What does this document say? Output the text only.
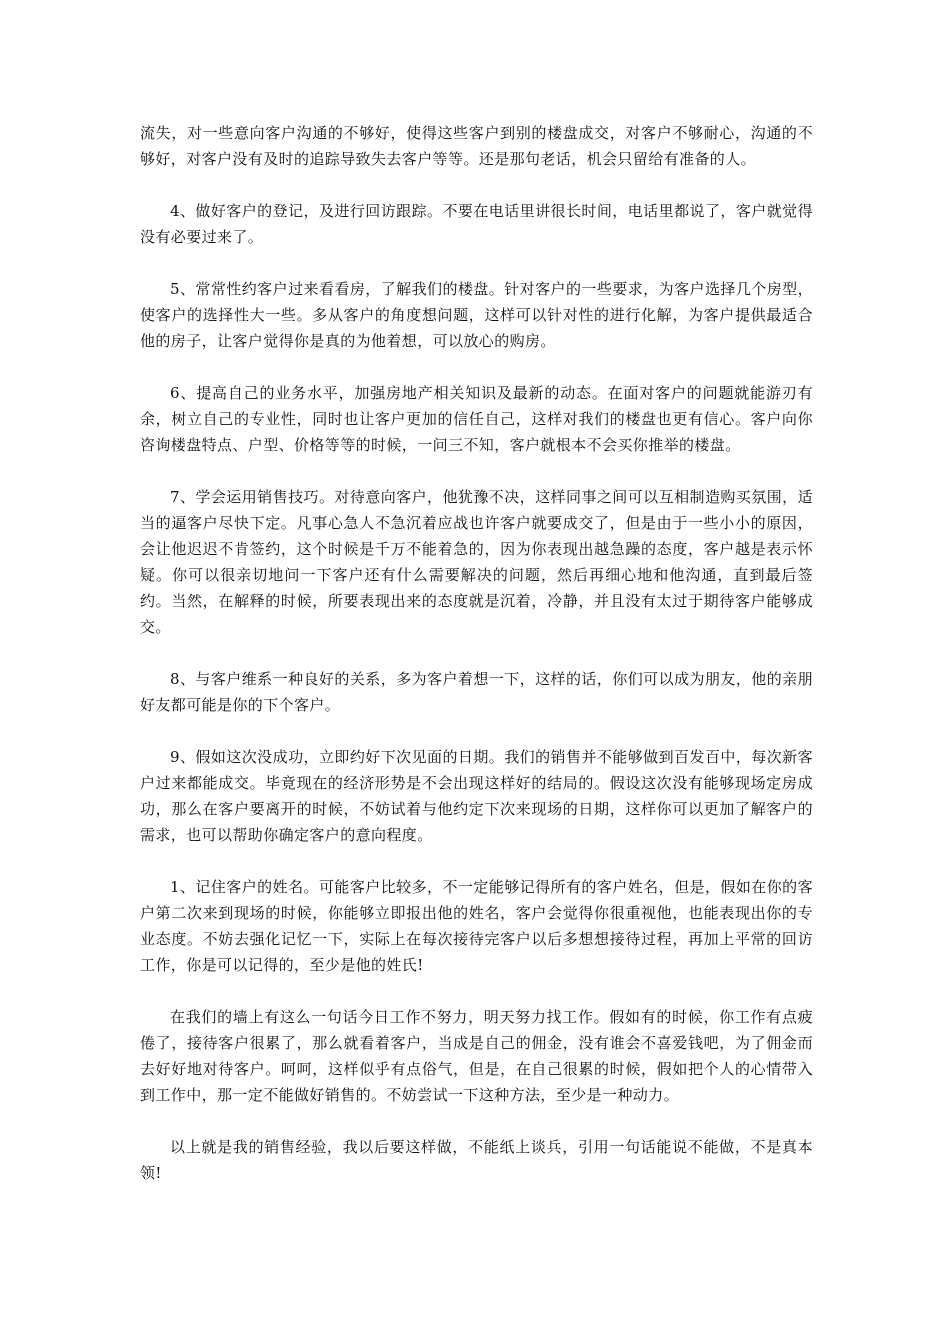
流失，对一些意向客户沟通的不够好，使得这些客户到别的楼盘成交，对客户不够耐心，沟通的不够好，对客户没有及时的追踪导致失去客户等等。还是那句老话，机会只留给有准备的人。

4、做好客户的登记，及进行回访跟踪。不要在电话里讲很长时间，电话里都说了，客户就觉得没有必要过来了。

5、常常性约客户过来看看房，了解我们的楼盘。针对客户的一些要求，为客户选择几个房型，使客户的选择性大一些。多从客户的角度想问题，这样可以针对性的进行化解，为客户提供最适合他的房子，让客户觉得你是真的为他着想，可以放心的购房。

6、提高自己的业务水平，加强房地产相关知识及最新的动态。在面对客户的问题就能游刃有余，树立自己的专业性，同时也让客户更加的信任自己，这样对我们的楼盘也更有信心。客户向你咨询楼盘特点、户型、价格等等的时候，一问三不知，客户就根本不会买你推举的楼盘。

7、学会运用销售技巧。对待意向客户，他犹豫不决，这样同事之间可以互相制造购买氛围，适当的逼客户尽快下定。凡事心急人不急沉着应战也许客户就要成交了，但是由于一些小小的原因，会让他迟迟不肯签约，这个时候是千万不能着急的，因为你表现出越急躁的态度，客户越是表示怀疑。你可以很亲切地问一下客户还有什么需要解决的问题，然后再细心地和他沟通，直到最后签约。当然，在解释的时候，所要表现出来的态度就是沉着，冷静，并且没有太过于期待客户能够成交。

8、与客户维系一种良好的关系，多为客户着想一下，这样的话，你们可以成为朋友，他的亲朋好友都可能是你的下个客户。

9、假如这次没成功，立即约好下次见面的日期。我们的销售并不能够做到百发百中，每次新客户过来都能成交。毕竟现在的经济形势是不会出现这样好的结局的。假设这次没有能够现场定房成功，那么在客户要离开的时候，不妨试着与他约定下次来现场的日期，这样你可以更加了解客户的需求，也可以帮助你确定客户的意向程度。

1、记住客户的姓名。可能客户比较多，不一定能够记得所有的客户姓名，但是，假如在你的客户第二次来到现场的时候，你能够立即报出他的姓名，客户会觉得你很重视他，也能表现出你的专业态度。不妨去强化记忆一下，实际上在每次接待完客户以后多想想接待过程，再加上平常的回访工作，你是可以记得的，至少是他的姓氏!

在我们的墙上有这么一句话今日工作不努力，明天努力找工作。假如有的时候，你工作有点疲倦了，接待客户很累了，那么就看着客户，当成是自己的佣金，没有谁会不喜爱钱吧，为了佣金而去好好地对待客户。呵呵，这样似乎有点俗气，但是，在自己很累的时候，假如把个人的心情带入到工作中，那一定不能做好销售的。不妨尝试一下这种方法，至少是一种动力。

以上就是我的销售经验，我以后要这样做，不能纸上谈兵，引用一句话能说不能做，不是真本领!
